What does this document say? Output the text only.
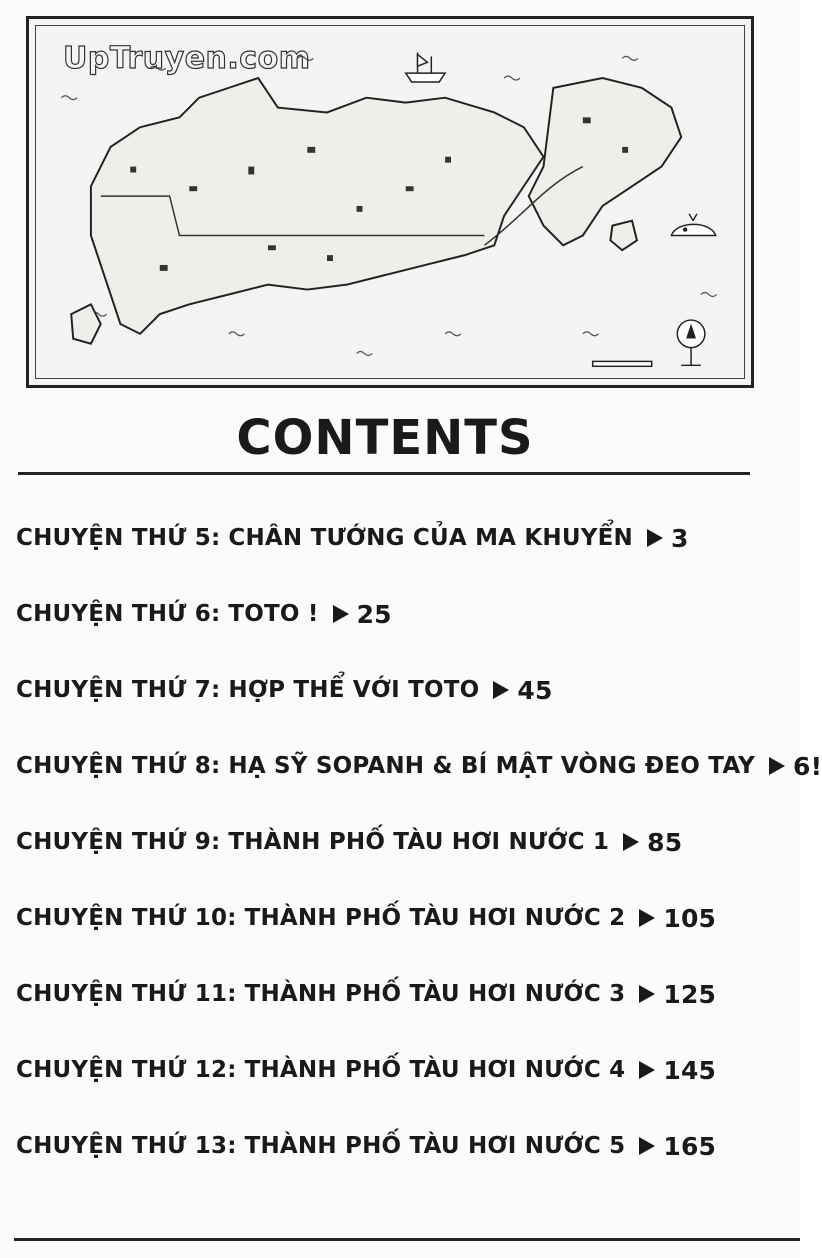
UpTruyen.com
CONTENTS
CHUYỆN THỨ 5: CHÂN TƯỚNG CỦA MA KHUYỂN 3
CHUYỆN THỨ 6: TOTO ! 25
CHUYỆN THỨ 7: HỢP THỂ VỚI TOTO 45
CHUYỆN THỨ 8: HẠ SỸ SOPANH & BÍ MẬT VÒNG ĐEO TAY 6!
CHUYỆN THỨ 9: THÀNH PHỐ TÀU HƠI NƯỚC 1 85
CHUYỆN THỨ 10: THÀNH PHỐ TÀU HƠI NƯỚC 2 105
CHUYỆN THỨ 11: THÀNH PHỐ TÀU HƠI NƯỚC 3 125
CHUYỆN THỨ 12: THÀNH PHỐ TÀU HƠI NƯỚC 4 145
CHUYỆN THỨ 13: THÀNH PHỐ TÀU HƠI NƯỚC 5 165
